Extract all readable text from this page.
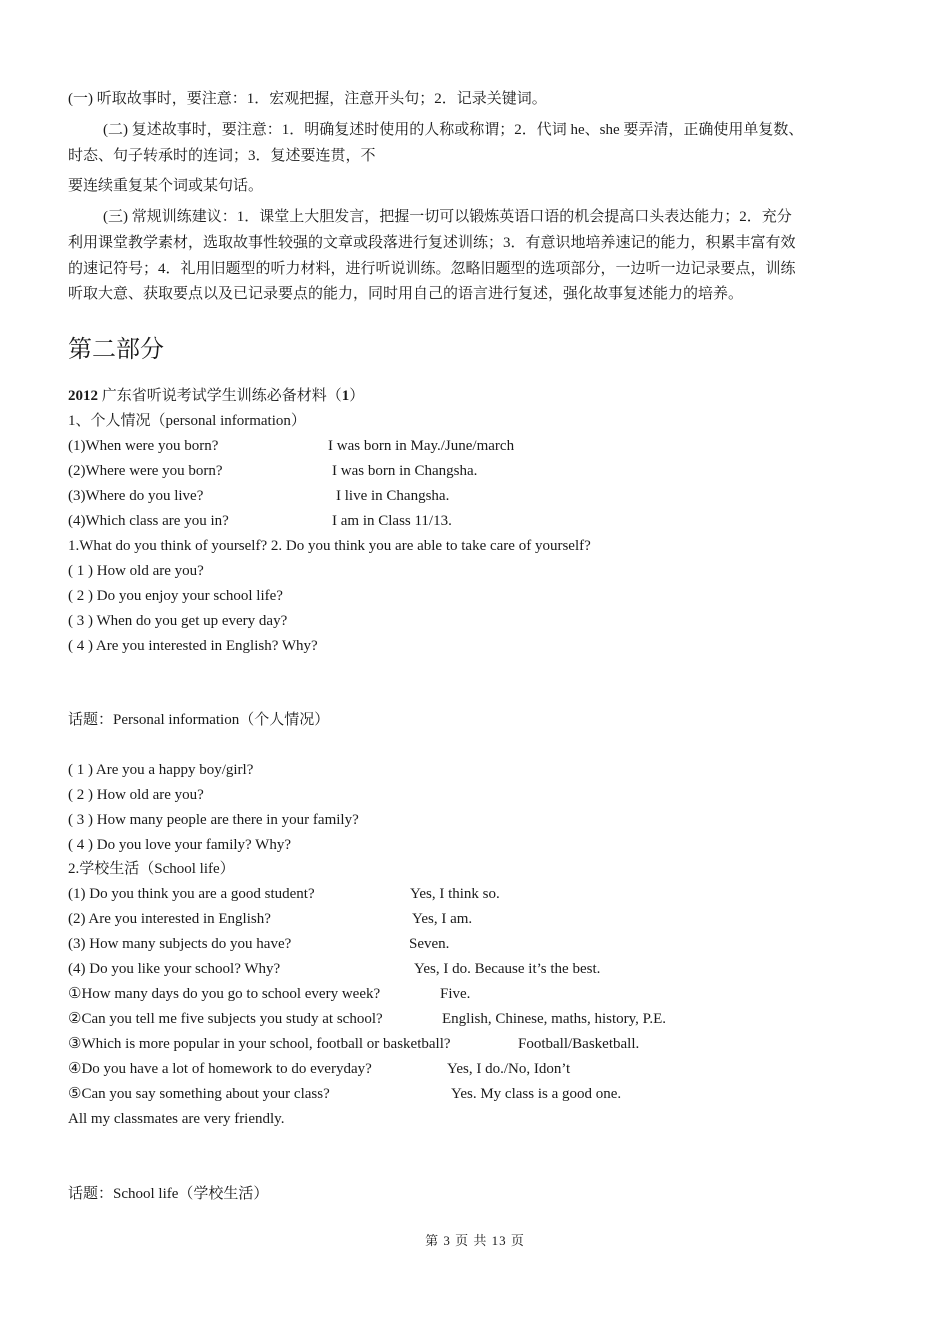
(一) 听取故事时，要注意：1．宏观把握，注意开头句；2．记录关键词。
(二) 复述故事时，要注意：1．明确复述时使用的人称或称谓；2．代词 he、she 要弄清，正确使用单复数、
时态、句子转承时的连词；3．复述要连贯，不
要连续重复某个词或某句话。
(三) 常规训练建议：1．课堂上大胆发言，把握一切可以锻炼英语口语的机会提高口头表达能力；2．充分
利用课堂教学素材，选取故事性较强的文章或段落进行复述训练；3．有意识地培养速记的能力，积累丰富有效
的速记符号；4．礼用旧题型的听力材料，进行听说训练。忽略旧题型的选项部分，一边听一边记录要点，训练
听取大意、获取要点以及已记录要点的能力，同时用自己的语言进行复述，强化故事复述能力的培养。
第二部分
2012 广东省听说考试学生训练必备材料（1）
1、个人情况（personal information）
(1)When were you born?	I was born in May./June/march
(2)Where were you born?	I was born in Changsha.
(3)Where do you live?	I live in Changsha.
(4)Which class are you in?	I am in Class 11/13.
1.What do you think of yourself? 2. Do you think you are able to take care of yourself?
( 1 ) How old are you?
( 2 ) Do you enjoy your school life?
( 3 ) When do you get up every day?
( 4 ) Are you interested in English? Why?
话题：Personal information（个人情况）
( 1 ) Are you a happy boy/girl?
( 2 ) How old are you?
( 3 ) How many people are there in your family?
( 4 ) Do you love your family? Why?
2.学校生活（School life）
(1) Do you think you are a good student?	Yes, I think so.
(2) Are you interested in English?	Yes, I am.
(3) How many subjects do you have?	Seven.
(4) Do you like your school? Why?	Yes, I do. Because it’s the best.
①How many days do you go to school every week?	Five.
②Can you tell me five subjects you study at school?	English, Chinese, maths, history, P.E.
③Which is more popular in your school, football or basketball?	Football/Basketball.
④Do you have a lot of homework to do everyday?	Yes, I do./No, Idon’t
⑤Can you say something about your class?	Yes. My class is a good one.
All my classmates are very friendly.
话题：School life（学校生活）
第 3 页 共 13 页
